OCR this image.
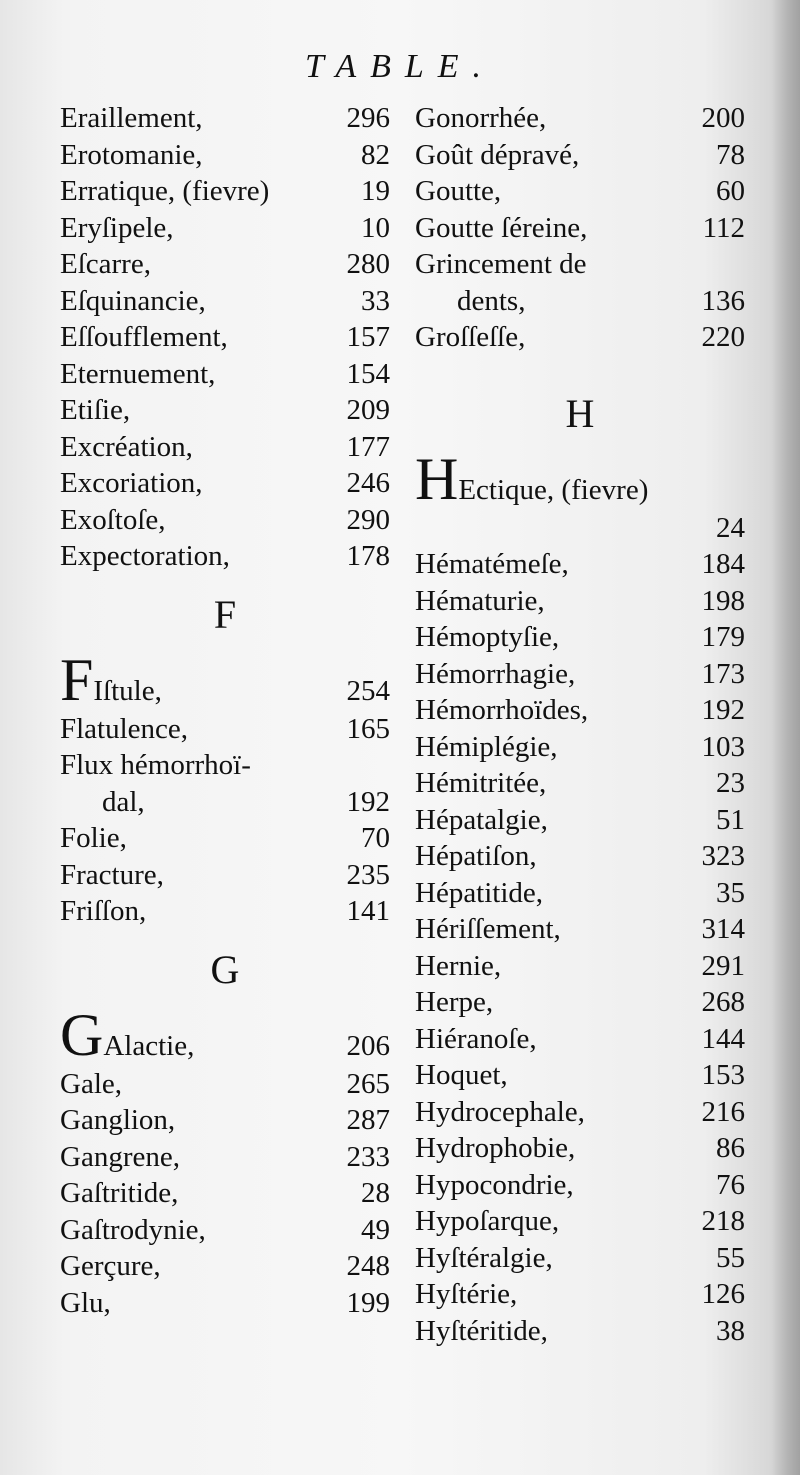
TABLE.
Eraillement,	296
Erotomanie,	82
Erratique, (fievre)	19
Eryſipele,	10
Eſcarre,	280
Eſquinancie,	33
Eſſoufflement,	157
Eternuement,	154
Etiſie,	209
Excréation,	177
Excoriation,	246
Exoſtoſe,	290
Expectoration,	178
F
FIſtule,	254
Flatulence,	165
Flux hémorrhoï-
dal,	192
Folie,	70
Fracture,	235
Friſſon,	141
G
GAlactie,	206
Gale,	265
Ganglion,	287
Gangrene,	233
Gaſtritide,	28
Gaſtrodynie,	49
Gerçure,	248
Glu,	199
Gonorrhée,	200
Goût dépravé,	78
Goutte,	60
Goutte ſéreine,	112
Grincement de
dents,	136
Groſſeſſe,	220
H
HEctique, (fievre)
24
Hématémeſe,	184
Hématurie,	198
Hémoptyſie,	179
Hémorrhagie,	173
Hémorrhoïdes,	192
Hémiplégie,	103
Hémitritée,	23
Hépatalgie,	51
Hépatiſon,	323
Hépatitide,	35
Hériſſement,	314
Hernie,	291
Herpe,	268
Hiéranoſe,	144
Hoquet,	153
Hydrocephale,	216
Hydrophobie,	86
Hypocondrie,	76
Hypoſarque,	218
Hyſtéralgie,	55
Hyſtérie,	126
Hyſtéritide,	38
